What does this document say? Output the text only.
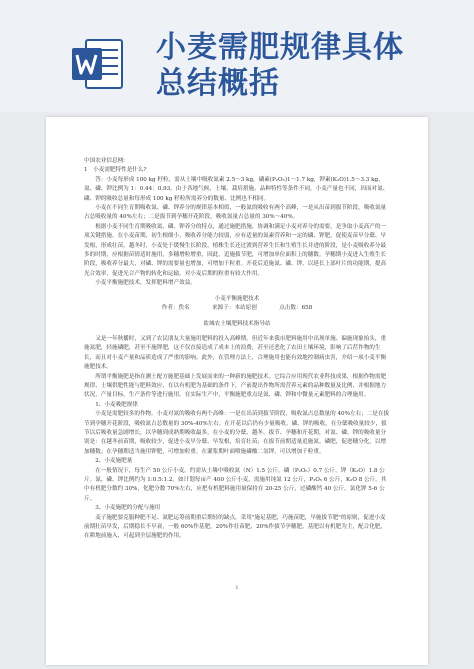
小麦需肥规律具体
总结概括

中国农业信息网:

1　小麦需肥特性是什么?

答：小麦每形成 100 kg 籽粒，需从土壤中吸收氮素 2.5～3 kg，磷素(P₂O₅)1～1.7 kg，钾素(K₂O)1.5～3.3 kg，氮、磷、钾比例为 1：0.44：0.93。由于各地气候、土壤、栽培措施、品种特性等条件不同，小麦产量也不同，因而对氮、磷、钾的吸收总量和每形成 100 kg 籽粒所需养分的数量、比例也不相同。

小麦在不同生育期吸收氮、磷、钾养分的规律基本相似，一般氮的吸收有两个高峰，一是从出苗到拔节阶段，吸收氮量占总吸收量的 40%左右；二是拔节到孕穗开花阶段，吸收氮量占总量的 30%～40%。

根据小麦不同生育期吸收氮、磷、钾养分的特点，通过施肥措施，协调和满足小麦对养分的需要，是争取小麦高产的一项关键措施。在小麦苗期，初生根细小，吸收养分能力较弱，应有适量的氮素营养和一定的磷、钾肥，促使麦苗早分蘖、早发根，形成壮苗。越冬时，小麦处于缓慢生长阶段，植株生长还过渡到营养生长和生殖生长并进的阶段，是小麦吸收养分最多的时期，应根据苗情适时施用，多穗增粒增重，因此，追施拔节肥，可增加单位面积上的穗数。孕穗期小麦进入生殖生长阶段，吸收养分最大，对磷、钾的需要量也增加，可增加千粒重。开花后追施氮、磷、钾，以延长上部叶片的功能期，提高光合效率，促进光合产物的转化和运输，对小麦后期的粒重有较大作用。

小麦平衡施肥技术，发挥肥料增产效益。

小麦平衡施肥技术

作者：佚名　　　　来源于：本站原创　　　　点击数：658

盐城农土壤肥料技术指导站

又是一年秋播时，又到了农民朋友大量施用肥料的投入高峰期。但近年来我市肥料施用中出现单施、偏施现象抬头，重施氮肥，轻施磷肥，甚至不施钾肥，这不仅直接造成了成本上的浪费，甚至还恶化了农田土壤环境，影响了后茬作物的生长，而且对小麦产量和品质造成了严重的影响。此外，在管理方法上，合理施用也能有效地控制病虫害，介绍一项小麦平衡施肥技术。

所谓平衡施肥是指在测土配方施肥基础上发展而来的一种新的施肥技术。它综合应用现代农业科技成果，根据作物需肥规律、土壤供肥性能与肥料效应，在以有机肥为基础的条件下，产前提出作物所需营养元素的品种数量及比例，并根据地力状况，产量目标，生产条件等进行施用。在实际生产中，平衡施肥重点是氮、磷、钾和中微量元素肥料的合理施用。

1、小麦吸肥规律

小麦是需肥较多的作物。小麦对氮的吸收有两个高峰：一是在出苗到拔节阶段，吸收氮占总数量的 40%左右；二是在拔节到孕穗开花阶段，吸收氮占总数量的 30%-40%左右。在开花以后仍有少量吸收。磷、钾的吸收，在分蘖吸收量较少，拔节以后吸收量急剧增长，以孕穗到成熟期吸收最多。在小麦的分蘖、越冬、拔节、孕穗和开花期，对氮、磷、钾的吸收量分别是：在越冬前苗期，吸收较少，促进小麦早分蘖、早发根，培育壮苗；在拔节前期适量追施氮、磷肥，促进穗分化，以增加穗数；在孕穗期适当施用钾肥，可增加粒重。在灌浆期叶面喷施磷酸二氢钾，可以增加千粒重。

2、小麦施肥量

在一般情况下，每生产 50 公斤小麦，约需从土壤中吸收氮（N）1.5 公斤，磷（P₂O₅）0.7 公斤，钾（K₂O）1.8 公斤。氮、磷、钾比例约为 1:0.5:1.2。如计划每亩产 400 公斤小麦，需施用纯氮 12 公斤，P₂O₅ 6 公斤，K₂O 8 公斤。其中有机肥分数约 30%，化肥分数 70%左右，应把有机肥料施用量保持在 20-25 公斤，过磷酸钙 40 公斤，氯化钾 5-6 公斤。

3、小麦施肥的分配与施用

麦子施肥要克服种肥不足、氮肥运筹前期重后期轻的缺点，采用"施足基肥，巧施苗肥，早施拔节肥"的原则，促进小麦前期壮苗早发，后期稳长不早衰，一般 60%作基肥，20%作壮苗肥，20%作拔节孕穗肥。基肥以有机肥为主，配合化肥，在耕地前施入，可起到全层施肥的作用。

1
